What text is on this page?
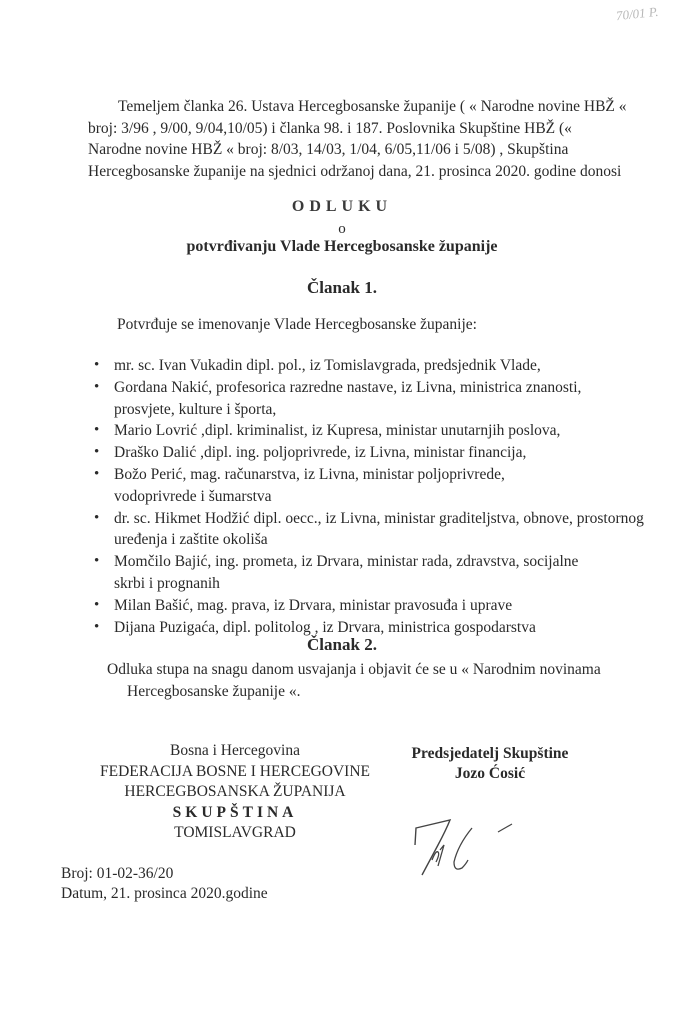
70/01 P.
Temeljem članka 26. Ustava Hercegbosanske županije ( « Narodne novine HBŽ « broj: 3/96 , 9/00, 9/04,10/05) i članka 98. i 187. Poslovnika Skupštine HBŽ (« Narodne novine HBŽ « broj: 8/03, 14/03, 1/04, 6/05,11/06 i 5/08) , Skupština Hercegbosanske županije na sjednici održanoj dana, 21. prosinca 2020. godine donosi
ODLUKU
o
potvrđivanju Vlade Hercegbosanske županije
Članak 1.
Potvrđuje se imenovanje Vlade Hercegbosanske županije:
• mr. sc. Ivan Vukadin dipl. pol., iz Tomislavgrada, predsjednik Vlade,
• Gordana Nakić, profesorica razredne nastave, iz Livna, ministrica znanosti, prosvjete, kulture i športa,
• Mario Lovrić ,dipl. kriminalist, iz Kupresa, ministar unutarnjih poslova,
• Draško Dalić ,dipl. ing. poljoprivrede, iz Livna, ministar financija,
• Božo Perić, mag. računarstva, iz Livna, ministar poljoprivrede, vodoprivrede i šumarstva
• dr. sc. Hikmet Hodžić dipl. oecc., iz Livna, ministar graditeljstva, obnove, prostornog uređenja i zaštite okoliša
• Momčilo Bajić, ing. prometa, iz Drvara, ministar rada, zdravstva, socijalne skrbi i prognanih
• Milan Bašić, mag. prava, iz Drvara, ministar pravosuđa i uprave
• Dijana Puzigaća, dipl. politolog , iz Drvara, ministrica gospodarstva
Članak 2.
Odluka stupa na snagu danom usvajanja i objavit će se u « Narodnim novinama Hercegbosanske županije «.
Bosna i Hercegovina
FEDERACIJA BOSNE I HERCEGOVINE
HERCEGBOSANSKA ŽUPANIJA
SKUPŠTINA
TOMISLAVGRAD
Predsjedatelj Skupštine
Jozo Ćosić
Broj: 01-02-36/20
Datum, 21. prosinca 2020.godine
